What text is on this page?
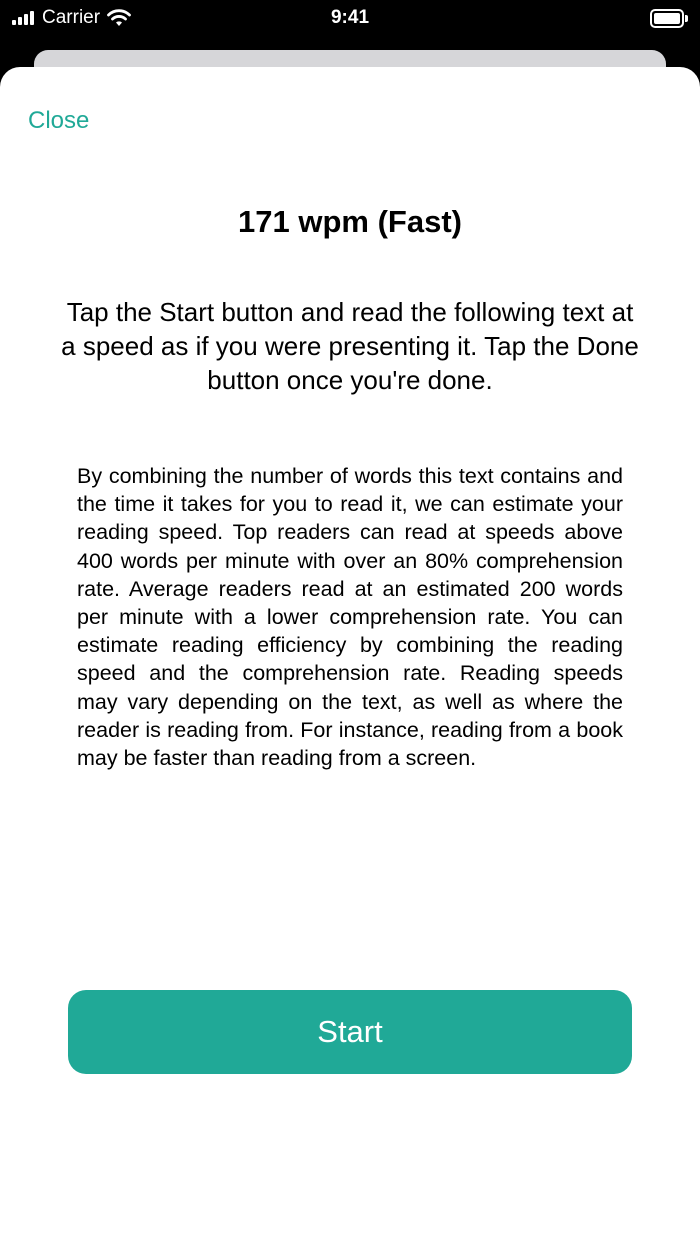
Carrier	9:41
Close
171 wpm (Fast)
Tap the Start button and read the following text at a speed as if you were presenting it. Tap the Done button once you're done.
By combining the number of words this text contains and the time it takes for you to read it, we can estimate your reading speed. Top readers can read at speeds above 400 words per minute with over an 80% comprehension rate. Average readers read at an estimated 200 words per minute with a lower comprehension rate. You can estimate reading efficiency by combining the reading speed and the comprehension rate. Reading speeds may vary depending on the text, as well as where the reader is reading from. For instance, reading from a book may be faster than reading from a screen.
Start
